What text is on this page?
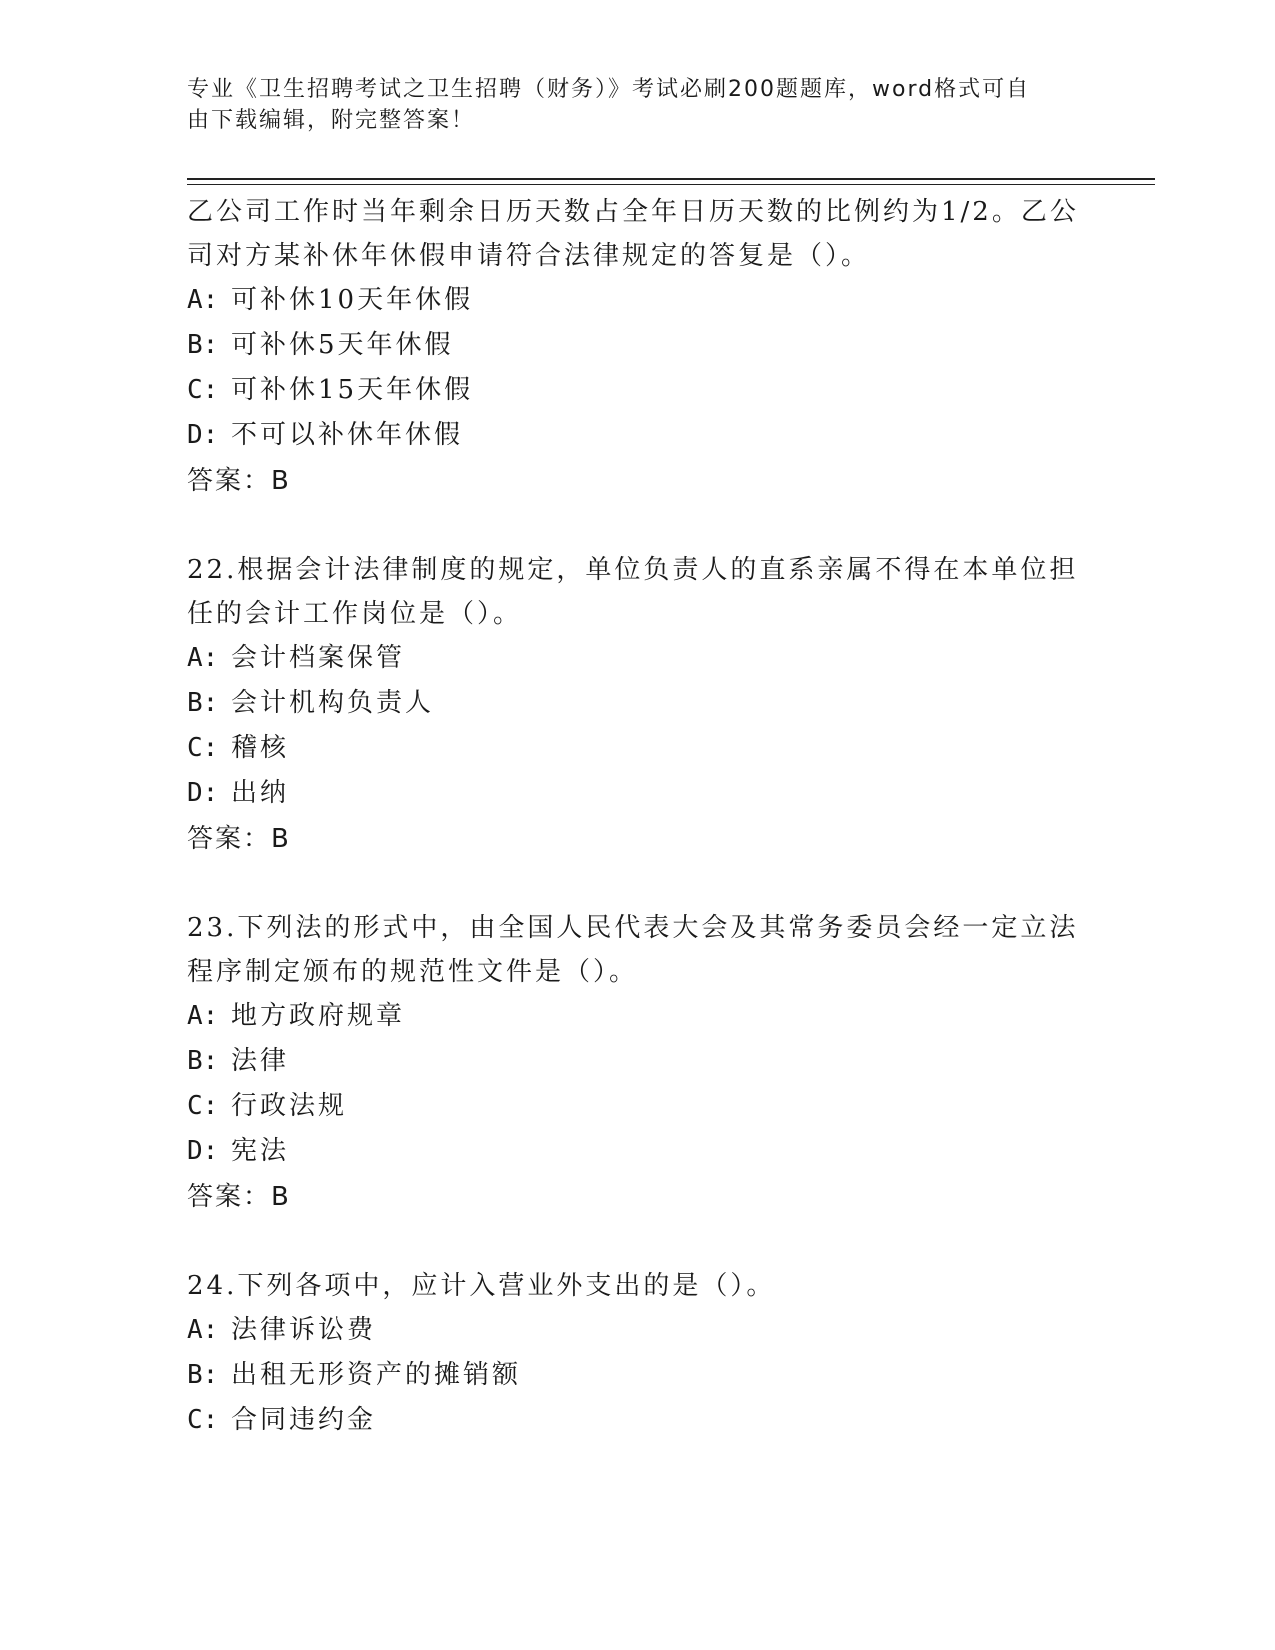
专业《卫生招聘考试之卫生招聘（财务）》考试必刷200题题库，word格式可自
由下载编辑，附完整答案！

乙公司工作时当年剩余日历天数占全年日历天数的比例约为1/2。乙公

司对方某补休年休假申请符合法律规定的答复是（）。

A: 可补休10天年休假

B: 可补休5天年休假

C: 可补休15天年休假

D: 不可以补休年休假

答案：B

22.根据会计法律制度的规定，单位负责人的直系亲属不得在本单位担

任的会计工作岗位是（）。

A: 会计档案保管

B: 会计机构负责人

C: 稽核

D: 出纳

答案：B

23.下列法的形式中，由全国人民代表大会及其常务委员会经一定立法

程序制定颁布的规范性文件是（）。

A: 地方政府规章

B: 法律

C: 行政法规

D: 宪法

答案：B

24.下列各项中，应计入营业外支出的是（）。

A: 法律诉讼费

B: 出租无形资产的摊销额

C: 合同违约金
